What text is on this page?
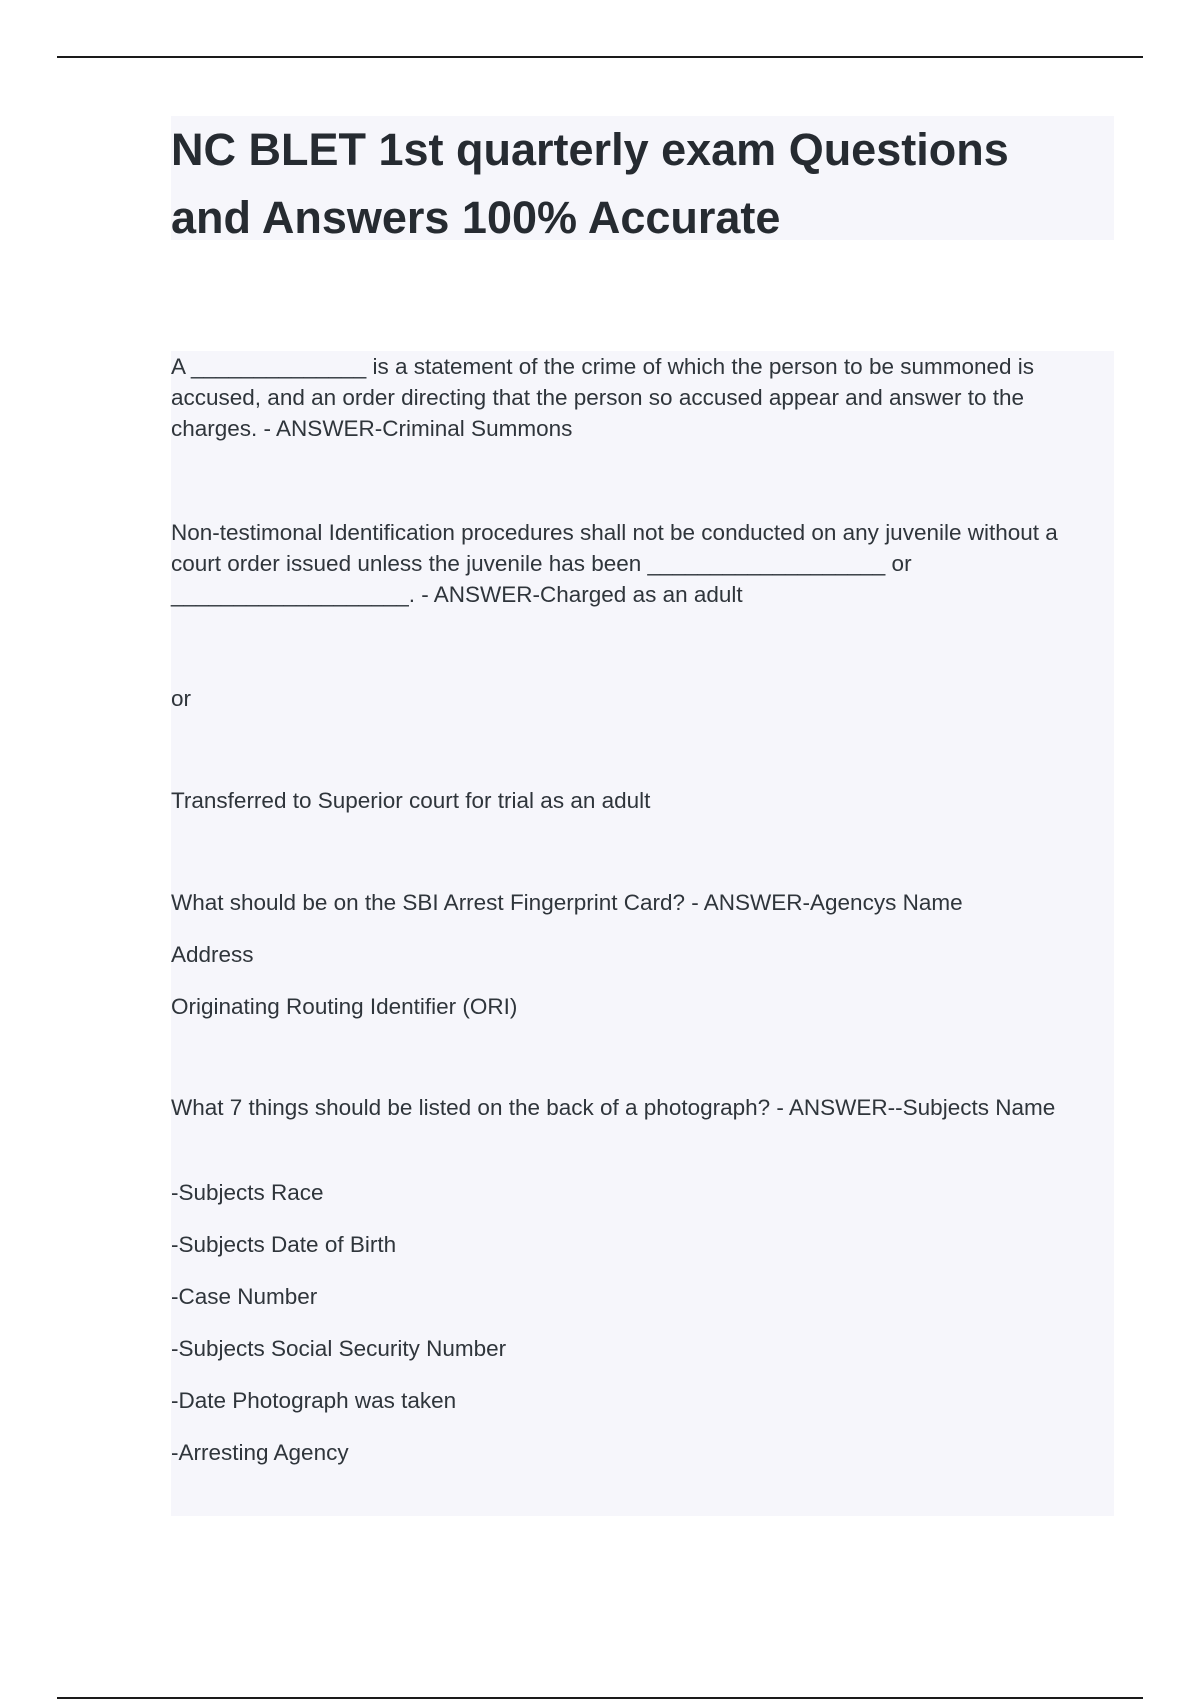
NC BLET 1st quarterly exam Questions
and Answers 100% Accurate

A ______________ is a statement of the crime of which the person to be summoned is accused, and an order directing that the person so accused appear and answer to the charges. - ANSWER-Criminal Summons

Non-testimonal Identification procedures shall not be conducted on any juvenile without a court order issued unless the juvenile has been ___________________ or ___________________. - ANSWER-Charged as an adult

or

Transferred to Superior court for trial as an adult

What should be on the SBI Arrest Fingerprint Card? - ANSWER-Agencys Name

Address

Originating Routing Identifier (ORI)

What 7 things should be listed on the back of a photograph? - ANSWER--Subjects Name

-Subjects Race

-Subjects Date of Birth

-Case Number

-Subjects Social Security Number

-Date Photograph was taken

-Arresting Agency
